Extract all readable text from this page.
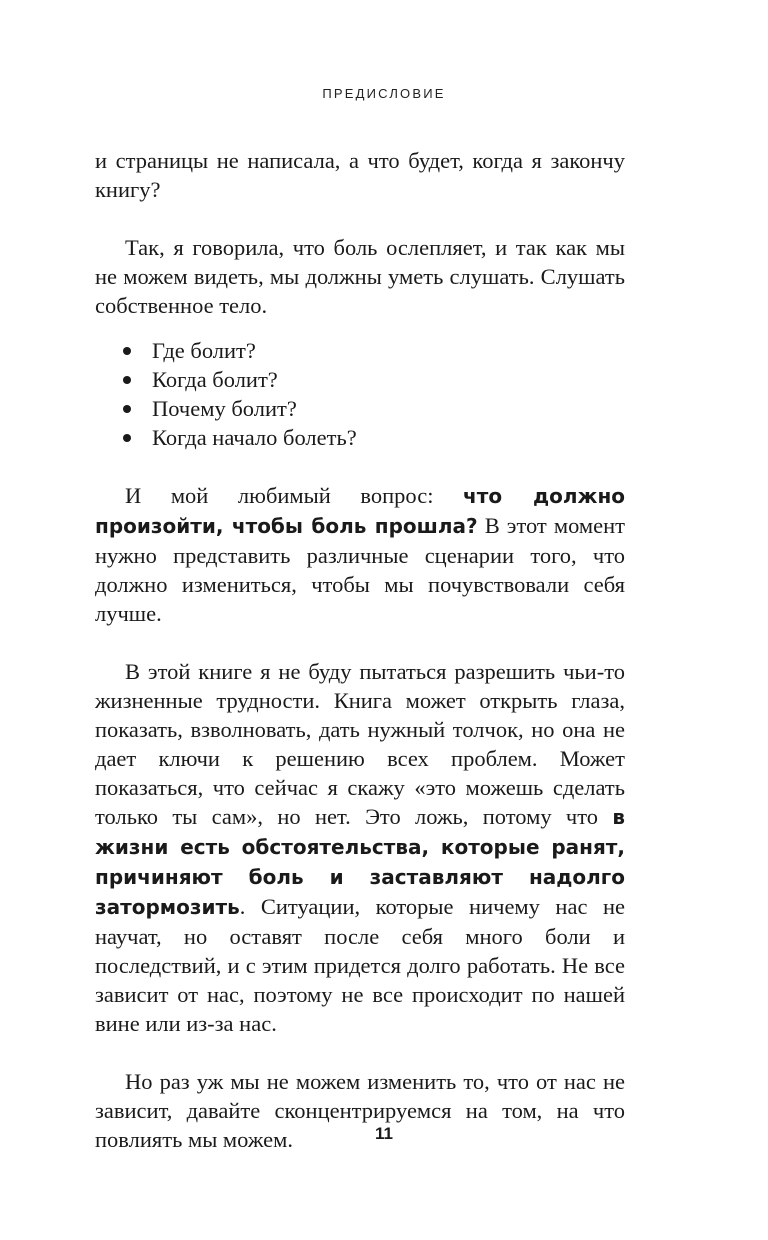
ПРЕДИСЛОВИЕ

и страницы не написала, а что будет, когда я закончу книгу?

Так, я говорила, что боль ослепляет, и так как мы не можем видеть, мы должны уметь слушать. Слушать собственное тело.

Где болит?
Когда болит?
Почему болит?
Когда начало болеть?

И мой любимый вопрос: что должно произойти, чтобы боль прошла? В этот момент нужно представить различные сценарии того, что должно измениться, чтобы мы почувствовали себя лучше.

В этой книге я не буду пытаться разрешить чьи-то жизненные трудности. Книга может открыть глаза, показать, взволновать, дать нужный толчок, но она не дает ключи к решению всех проблем. Может показаться, что сейчас я скажу «это можешь сделать только ты сам», но нет. Это ложь, потому что в жизни есть обстоятельства, которые ранят, причиняют боль и заставляют надолго затормозить. Ситуации, которые ничему нас не научат, но оставят после себя много боли и последствий, и с этим придется долго работать. Не все зависит от нас, поэтому не все происходит по нашей вине или из-за нас.

Но раз уж мы не можем изменить то, что от нас не зависит, давайте сконцентрируемся на том, на что повлиять мы можем.	11
